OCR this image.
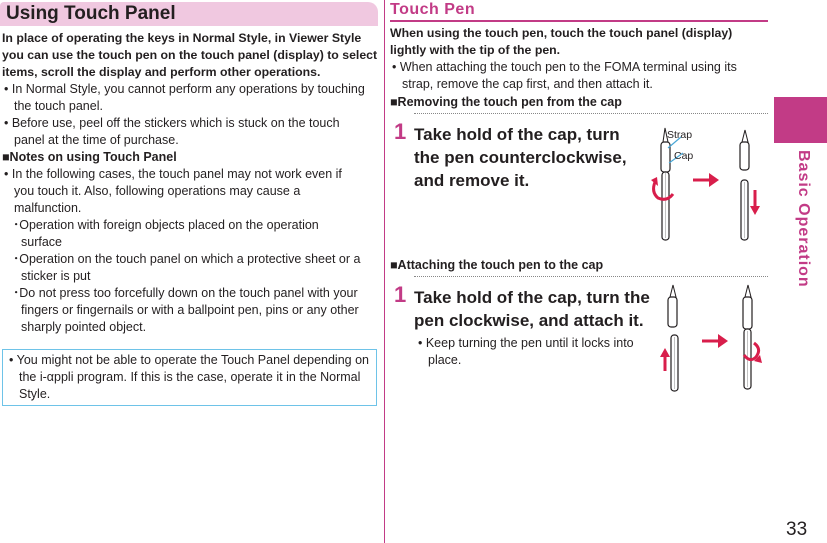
Using Touch Panel
In place of operating the keys in Normal Style, in Viewer Style you can use the touch pen on the touch panel (display) to select items, scroll the display and perform other operations.
• In Normal Style, you cannot perform any operations by touching the touch panel.
• Before use, peel off the stickers which is stuck on the touch panel at the time of purchase.
■Notes on using Touch Panel
• In the following cases, the touch panel may not work even if you touch it. Also, following operations may cause a malfunction.
･Operation with foreign objects placed on the operation surface
･Operation on the touch panel on which a protective sheet or a sticker is put
･Do not press too forcefully down on the touch panel with your fingers or fingernails or with a ballpoint pen, pins or any other sharply pointed object.
• You might not be able to operate the Touch Panel depending on the i-αppli program. If this is the case, operate it in the Normal Style.
Touch Pen
When using the touch pen, touch the touch panel (display) lightly with the tip of the pen.
• When attaching the touch pen to the FOMA terminal using its strap, remove the cap first, and then attach it.
■Removing the touch pen from the cap
1 Take hold of the cap, turn the pen counterclockwise, and remove it.
Strap
Cap
■Attaching the touch pen to the cap
1 Take hold of the cap, turn the pen clockwise, and attach it.
• Keep turning the pen until it locks into place.
Basic Operation
33
